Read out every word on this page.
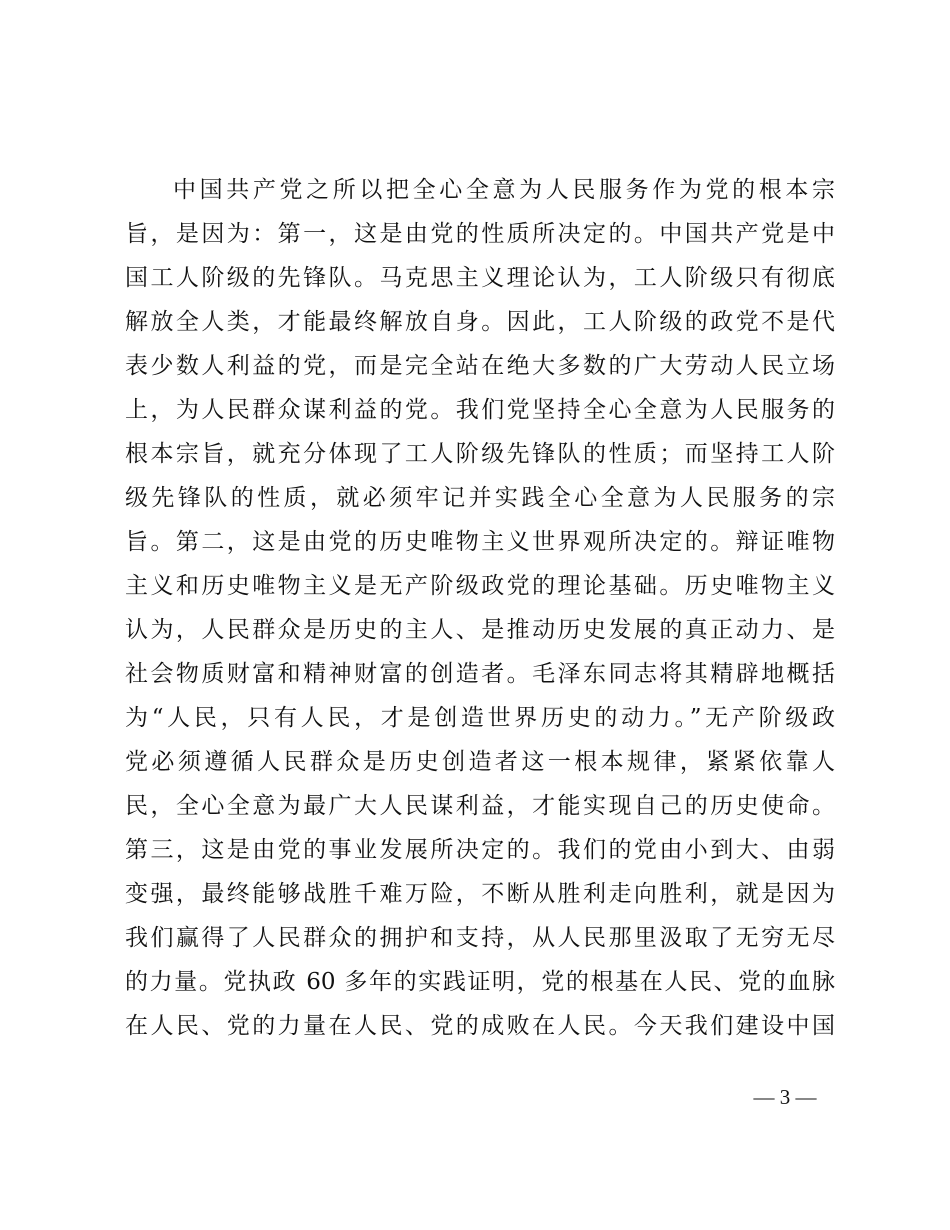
中国共产党之所以把全心全意为人民服务作为党的根本宗
旨，是因为：第一，这是由党的性质所决定的。中国共产党是中
国工人阶级的先锋队。马克思主义理论认为，工人阶级只有彻底
解放全人类，才能最终解放自身。因此，工人阶级的政党不是代
表少数人利益的党，而是完全站在绝大多数的广大劳动人民立场
上，为人民群众谋利益的党。我们党坚持全心全意为人民服务的
根本宗旨，就充分体现了工人阶级先锋队的性质；而坚持工人阶
级先锋队的性质，就必须牢记并实践全心全意为人民服务的宗
旨。第二，这是由党的历史唯物主义世界观所决定的。辩证唯物
主义和历史唯物主义是无产阶级政党的理论基础。历史唯物主义
认为，人民群众是历史的主人、是推动历史发展的真正动力、是
社会物质财富和精神财富的创造者。毛泽东同志将其精辟地概括
为“人民，只有人民，才是创造世界历史的动力。”无产阶级政
党必须遵循人民群众是历史创造者这一根本规律，紧紧依靠人
民，全心全意为最广大人民谋利益，才能实现自己的历史使命。
第三，这是由党的事业发展所决定的。我们的党由小到大、由弱
变强，最终能够战胜千难万险，不断从胜利走向胜利，就是因为
我们赢得了人民群众的拥护和支持，从人民那里汲取了无穷无尽
的力量。党执政 60 多年的实践证明，党的根基在人民、党的血脉
在人民、党的力量在人民、党的成败在人民。今天我们建设中国
— 3 —
